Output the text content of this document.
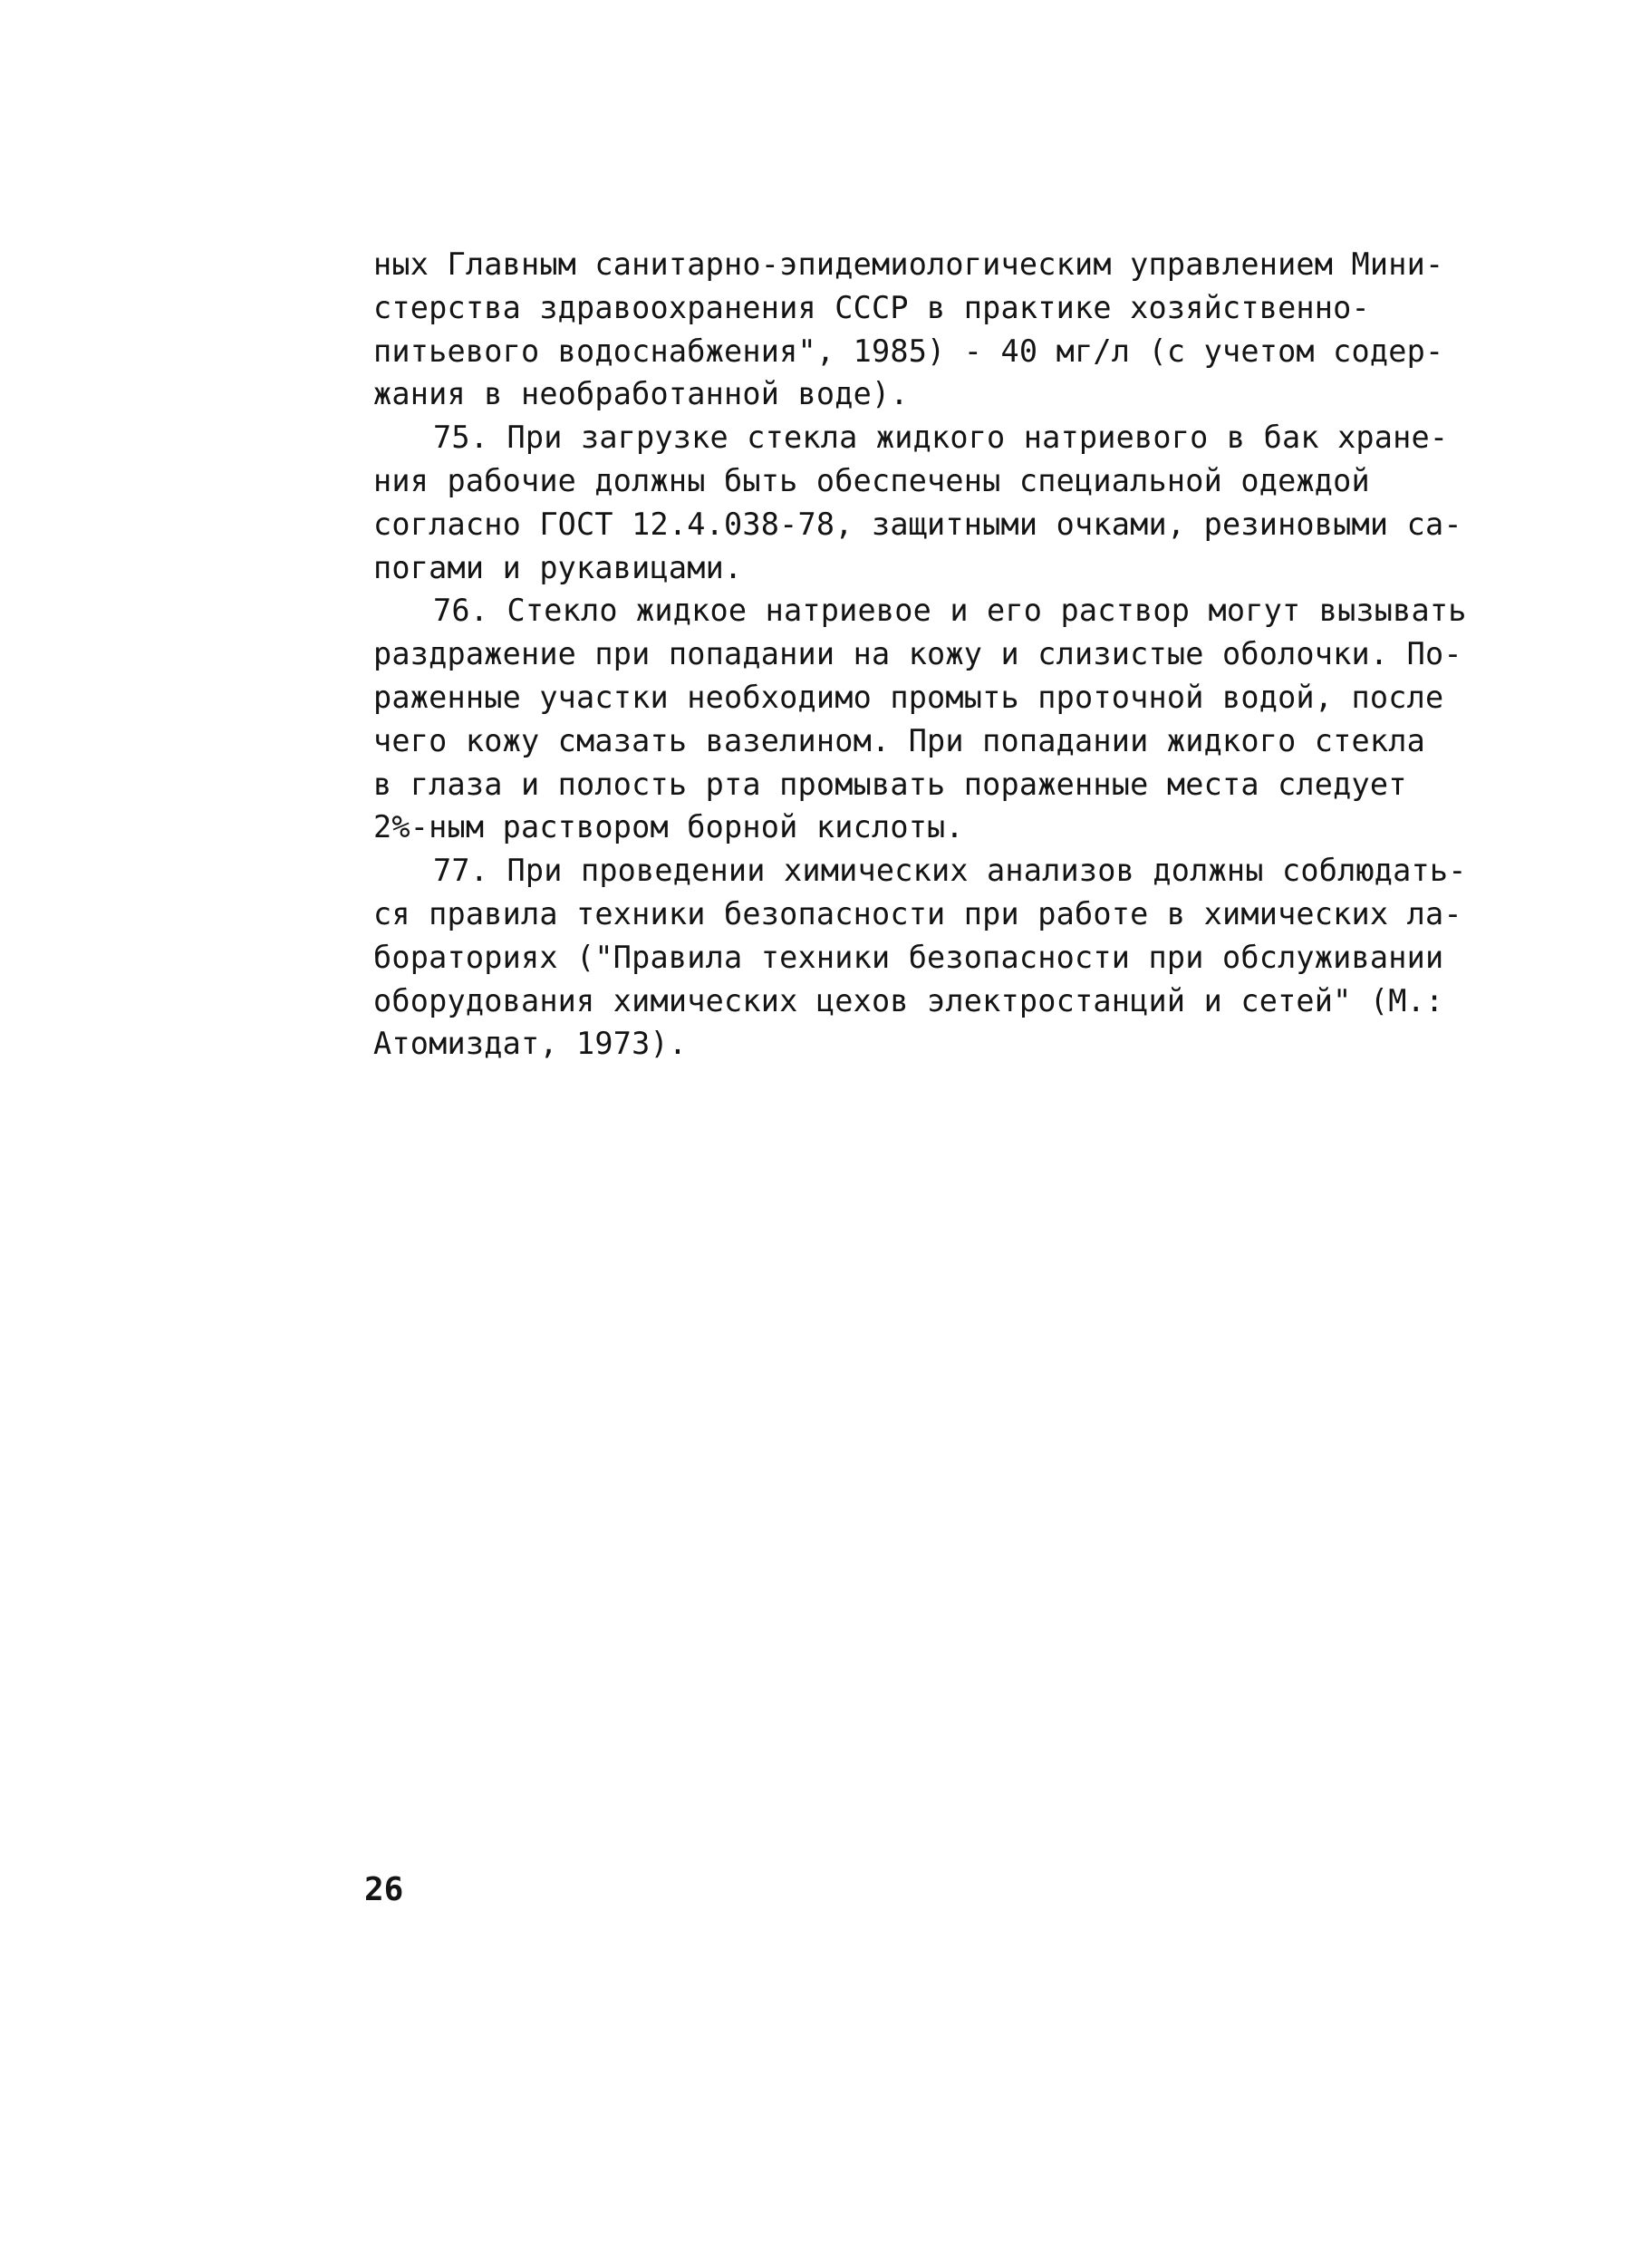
ных Главным санитарно-эпидемиологическим управлением Мини-
стерства здравоохранения СССР в практике хозяйственно-
питьевого водоснабжения", 1985) - 40 мг/л (с учетом содер-
жания в необработанной воде).

75. При загрузке стекла жидкого натриевого в бак хране-
ния рабочие должны быть обеспечены специальной одеждой
согласно ГОСТ 12.4.038-78, защитными очками, резиновыми са-
погами и рукавицами.

76. Стекло жидкое натриевое и его раствор могут вызывать
раздражение при попадании на кожу и слизистые оболочки. По-
раженные участки необходимо промыть проточной водой, после
чего кожу смазать вазелином. При попадании жидкого стекла
в глаза и полость рта промывать пораженные места следует
2%-ным раствором борной кислоты.

77. При проведении химических анализов должны соблюдать-
ся правила техники безопасности при работе в химических ла-
бораториях ("Правила техники безопасности при обслуживании
оборудования химических цехов электростанций и сетей" (М.:
Атомиздат, 1973).

26
